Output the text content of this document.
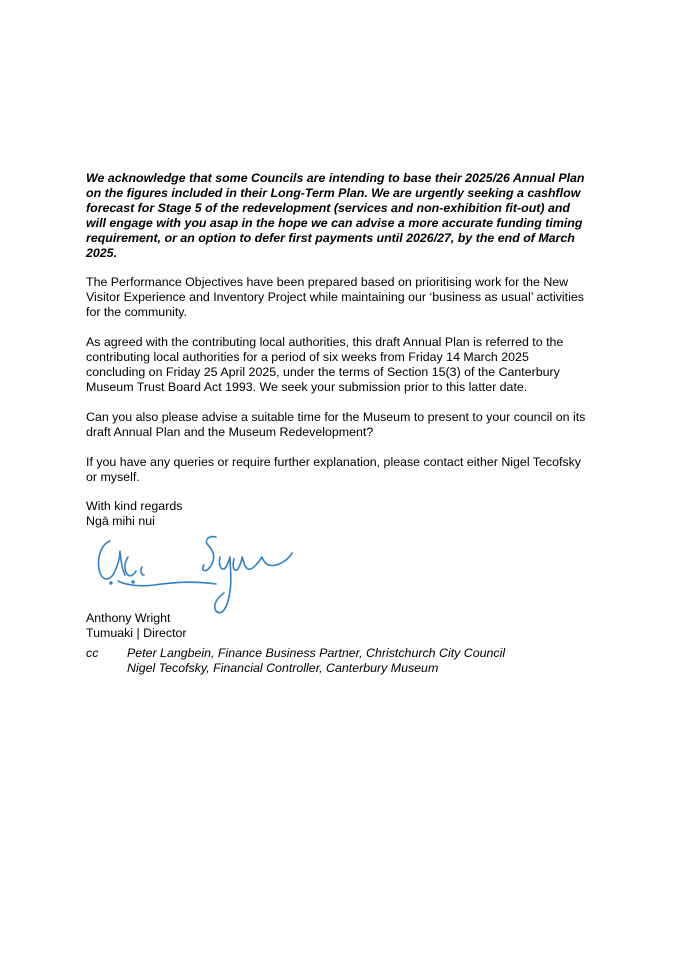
We acknowledge that some Councils are intending to base their 2025/26 Annual Plan on the figures included in their Long-Term Plan. We are urgently seeking a cashflow forecast for Stage 5 of the redevelopment (services and non-exhibition fit-out) and will engage with you asap in the hope we can advise a more accurate funding timing requirement, or an option to defer first payments until 2026/27, by the end of March 2025.

The Performance Objectives have been prepared based on prioritising work for the New Visitor Experience and Inventory Project while maintaining our ‘business as usual’ activities for the community.

As agreed with the contributing local authorities, this draft Annual Plan is referred to the contributing local authorities for a period of six weeks from Friday 14 March 2025 concluding on Friday 25 April 2025, under the terms of Section 15(3) of the Canterbury Museum Trust Board Act 1993. We seek your submission prior to this latter date.

Can you also please advise a suitable time for the Museum to present to your council on its draft Annual Plan and the Museum Redevelopment?

If you have any queries or require further explanation, please contact either Nigel Tecofsky or myself.

With kind regards
Ngā mihi nui
Anthony Wright
Tumuaki | Director
cc Peter Langbein, Finance Business Partner, Christchurch City Council
Nigel Tecofsky, Financial Controller, Canterbury Museum
